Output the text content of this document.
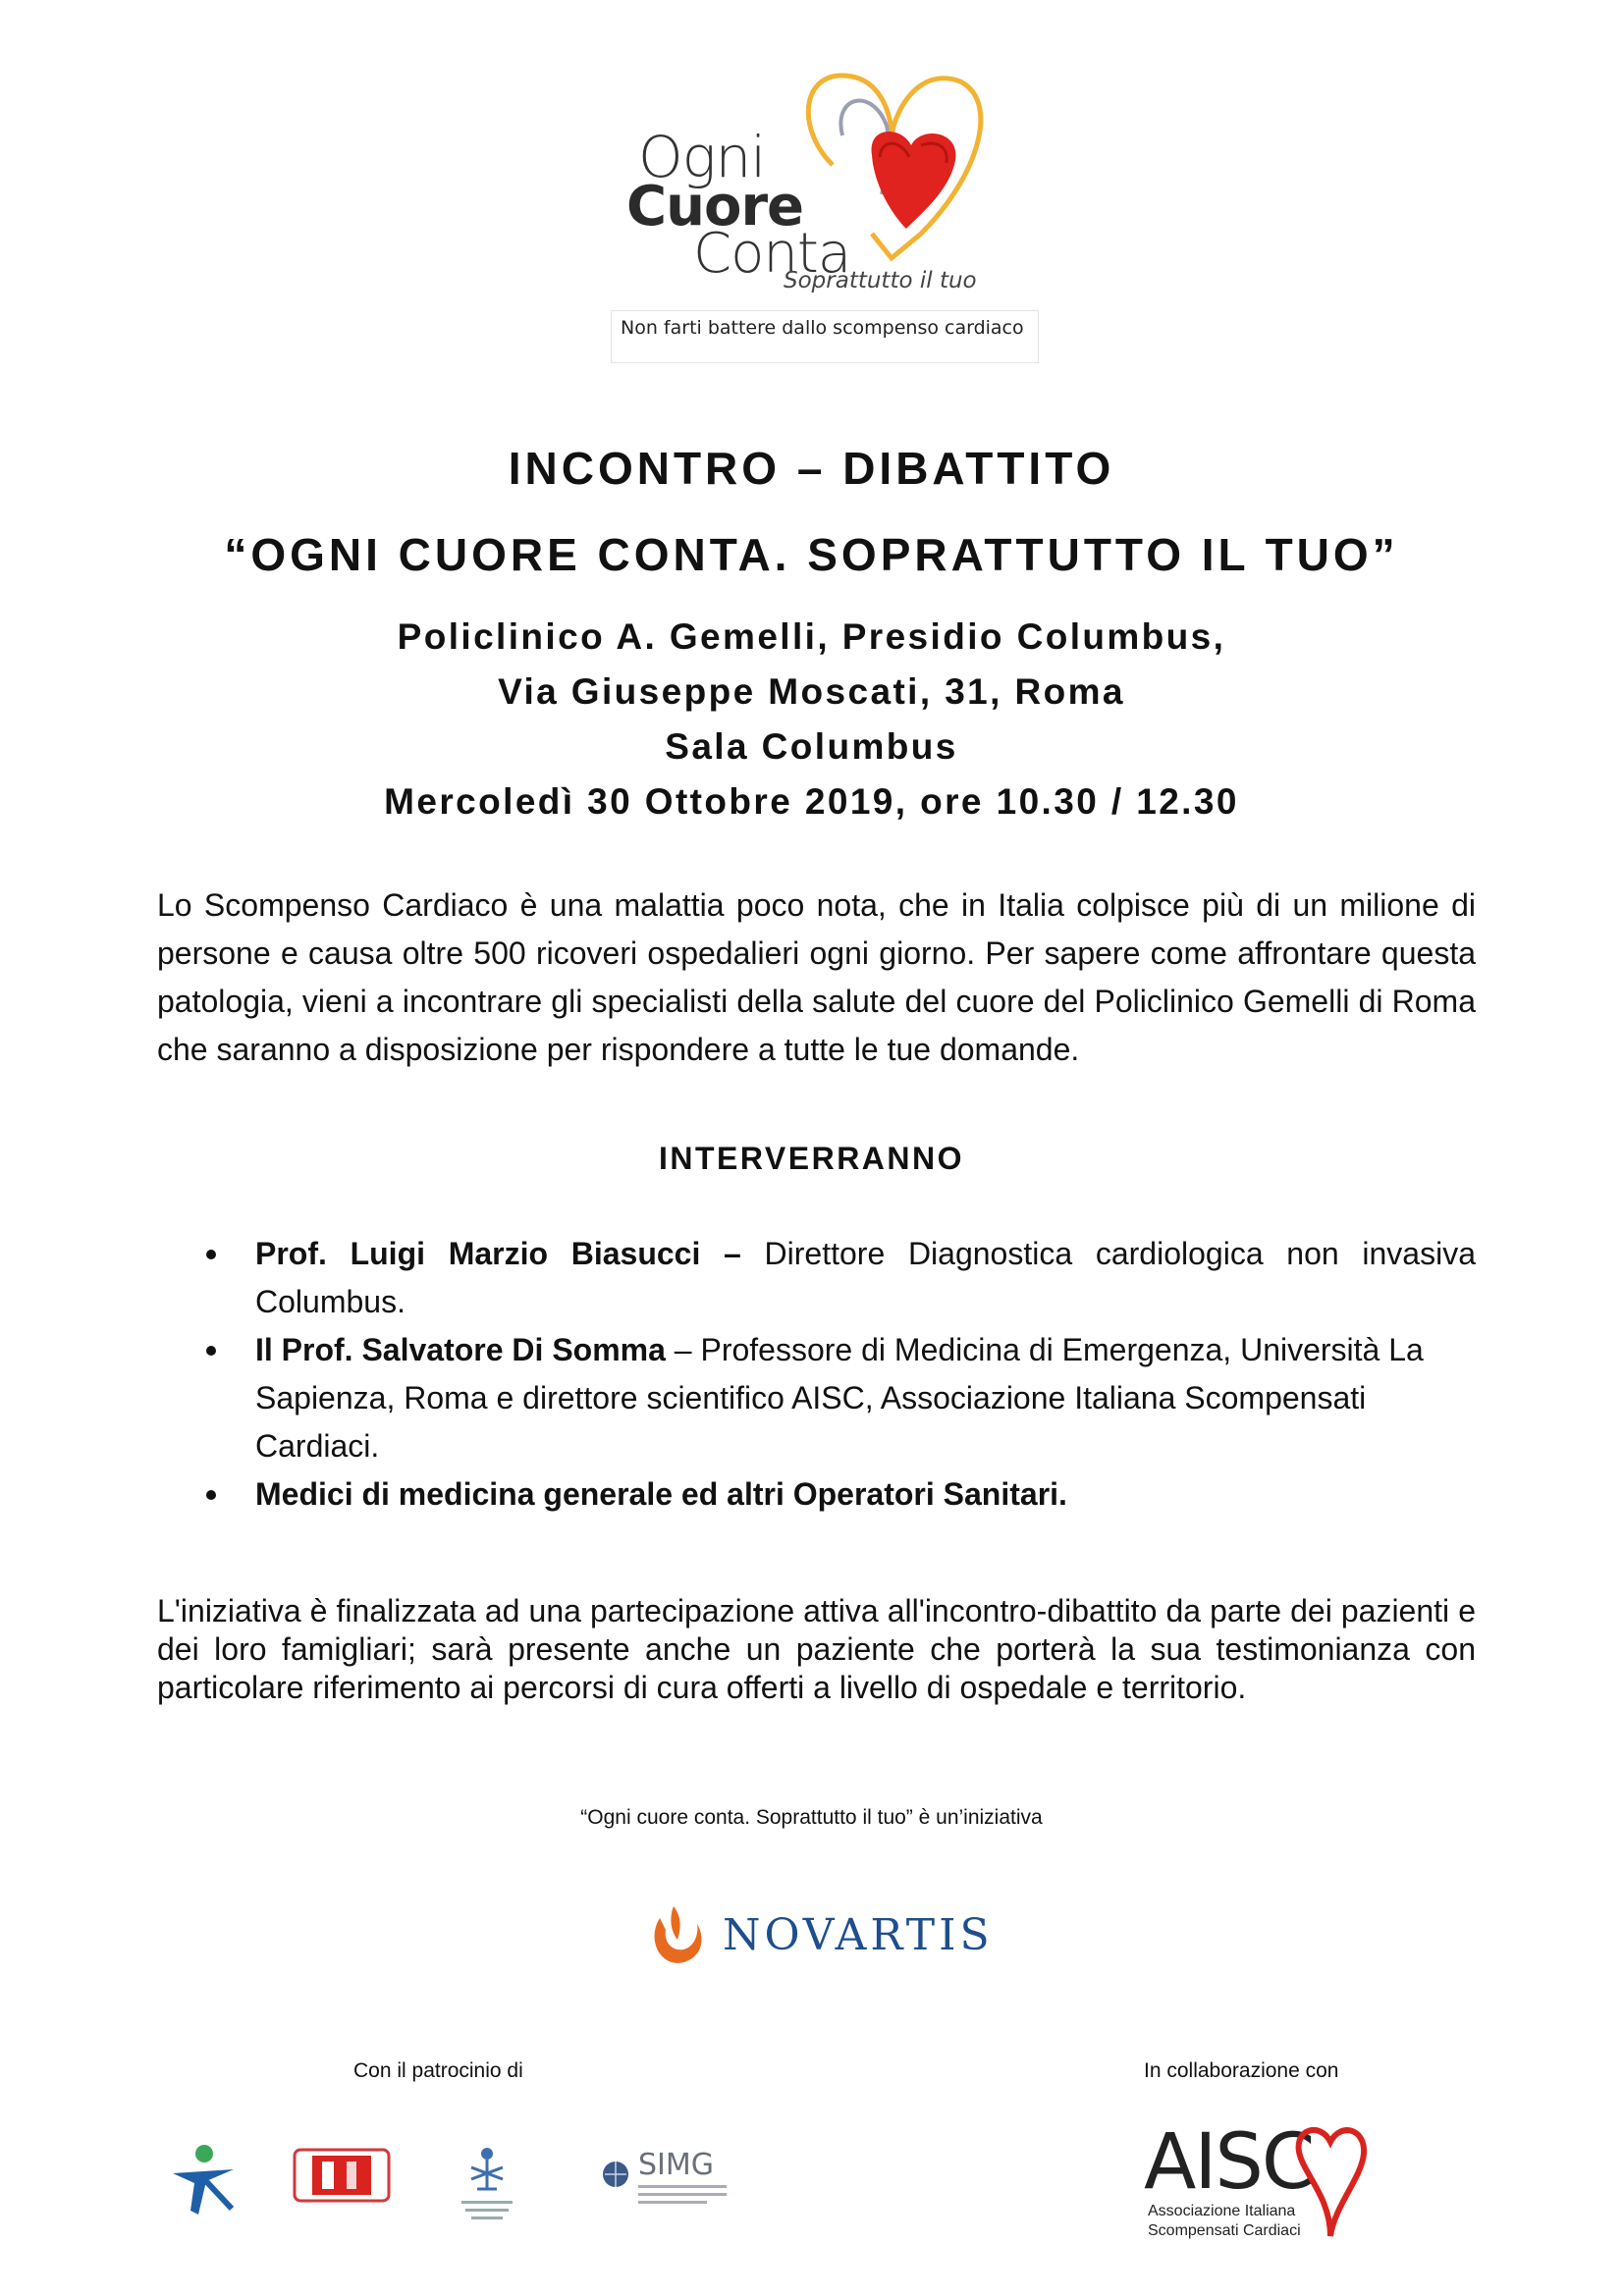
Ogni
Cuore
Conta
Soprattutto il tuo
Non farti battere dallo scompenso cardiaco
INCONTRO – DIBATTITO
“OGNI CUORE CONTA. SOPRATTUTTO IL TUO”
Policlinico A. Gemelli, Presidio Columbus,
Via Giuseppe Moscati, 31, Roma
Sala Columbus
Mercoledì 30 Ottobre 2019, ore 10.30 / 12.30
Lo Scompenso Cardiaco è una malattia poco nota, che in Italia colpisce più di un milione di persone e causa oltre 500 ricoveri ospedalieri ogni giorno. Per sapere come affrontare questa patologia, vieni a incontrare gli specialisti della salute del cuore del Policlinico Gemelli di Roma che saranno a disposizione per rispondere a tutte le tue domande.
INTERVERRANNO
Prof. Luigi Marzio Biasucci – Direttore Diagnostica cardiologica non invasiva Columbus.
Il Prof. Salvatore Di Somma – Professore di Medicina di Emergenza, Università La Sapienza, Roma e direttore scientifico AISC, Associazione Italiana Scompensati Cardiaci.
Medici di medicina generale ed altri Operatori Sanitari.
L'iniziativa è finalizzata ad una partecipazione attiva all'incontro-dibattito da parte dei pazienti e dei loro famigliari; sarà presente anche un paziente che porterà la sua testimonianza con particolare riferimento ai percorsi di cura offerti a livello di ospedale e territorio.
“Ogni cuore conta. Soprattutto il tuo” è un’iniziativa
NOVARTIS
Con il patrocinio di	In collaborazione con
SIMG	AISC
Associazione Italiana
Scompensati Cardiaci
